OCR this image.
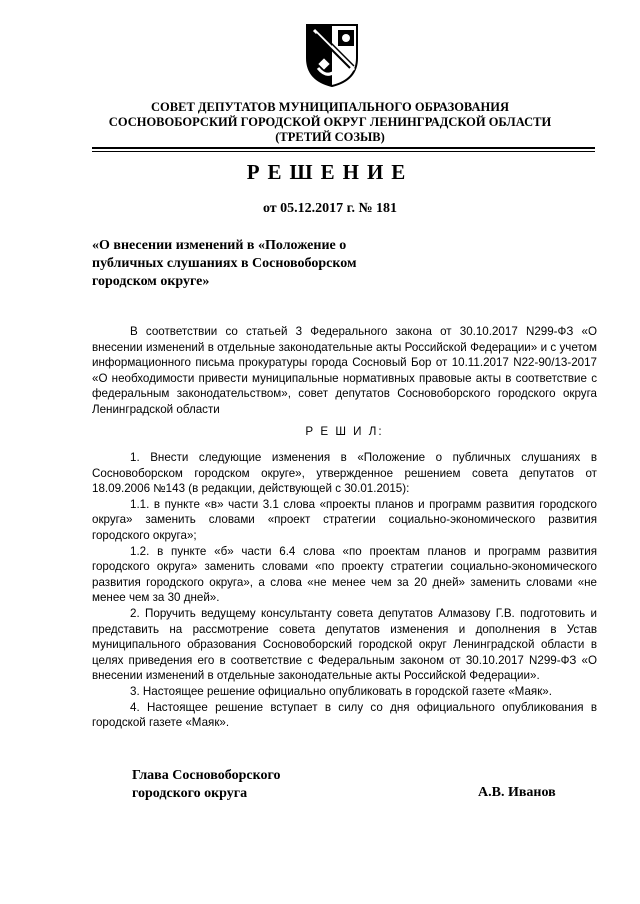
СОВЕТ ДЕПУТАТОВ МУНИЦИПАЛЬНОГО ОБРАЗОВАНИЯ
СОСНОВОБОРСКИЙ ГОРОДСКОЙ ОКРУГ ЛЕНИНГРАДСКОЙ ОБЛАСТИ
(ТРЕТИЙ СОЗЫВ)
РЕШЕНИЕ
от 05.12.2017 г. № 181
«О внесении изменений в «Положение о публичных слушаниях в Сосновоборском городском округе»

В соответствии со статьей 3 Федерального закона от 30.10.2017 N299-ФЗ «О внесении изменений в отдельные законодательные акты Российской Федерации» и с учетом информационного письма прокуратуры города Сосновый Бор от 10.11.2017 N22-90/13-2017 «О необходимости привести муниципальные нормативных правовые акты в соответствие с федеральным законодательством», совет депутатов Сосновоборского городского округа Ленинградской области

Р Е Ш И Л:

1. Внести следующие изменения в «Положение о публичных слушаниях в Сосновоборском городском округе», утвержденное решением совета депутатов от 18.09.2006 №143 (в редакции, действующей с 30.01.2015):

1.1. в пункте «в» части 3.1 слова «проекты планов и программ развития городского округа» заменить словами «проект стратегии социально-экономического развития городского округа»;

1.2. в пункте «б» части 6.4 слова «по проектам планов и программ развития городского округа» заменить словами «по проекту стратегии социально-экономического развития городского округа», а слова «не менее чем за 20 дней» заменить словами «не менее чем за 30 дней».

2. Поручить ведущему консультанту совета депутатов Алмазову Г.В. подготовить и представить на рассмотрение совета депутатов изменения и дополнения в Устав муниципального образования Сосновоборский городской округ Ленинградской области в целях приведения его в соответствие с Федеральным законом от 30.10.2017 N299-ФЗ «О внесении изменений в отдельные законодательные акты Российской Федерации».

3. Настоящее решение официально опубликовать в городской газете «Маяк».

4. Настоящее решение вступает в силу со дня официального опубликования в городской газете «Маяк».

Глава Сосновоборского
городского округа	А.В. Иванов
